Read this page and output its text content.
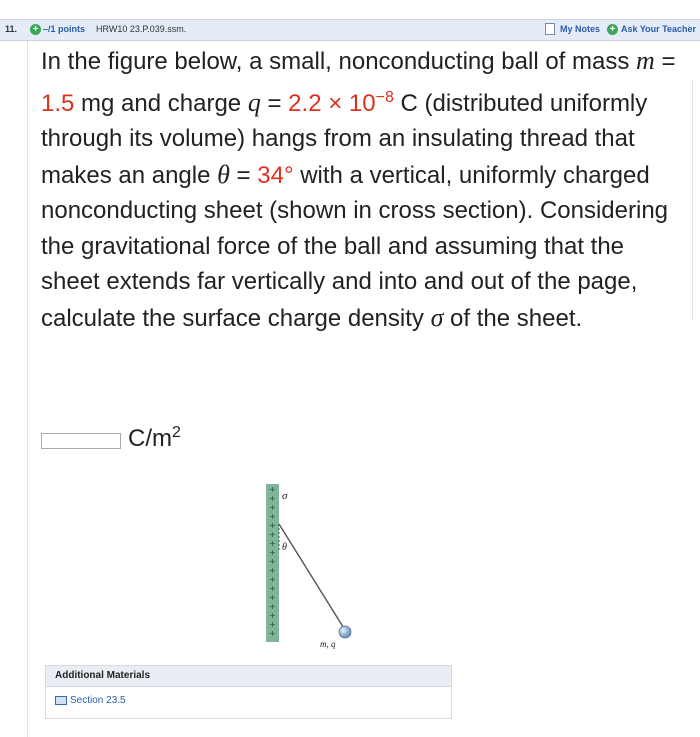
11. + –/1 points HRW10 23.P.039.ssm.	My Notes + Ask Your Teacher
In the figure below, a small, nonconducting ball of mass m = 1.5 mg and charge $q = 2.2 \times 10^{-8}$ C (distributed uniformly through its volume) hangs from an insulating thread that makes an angle θ = 34° with a vertical, uniformly charged nonconducting sheet (shown in cross section). Considering the gravitational force of the ball and assuming that the sheet extends far vertically and into and out of the page, calculate the surface charge density σ of the sheet.
$C/m^2$
+
+
+
+
+
+
+
+
+
+
+
+
+
+
+
+
+
σ
θ
m, q
Additional Materials
Section 23.5
